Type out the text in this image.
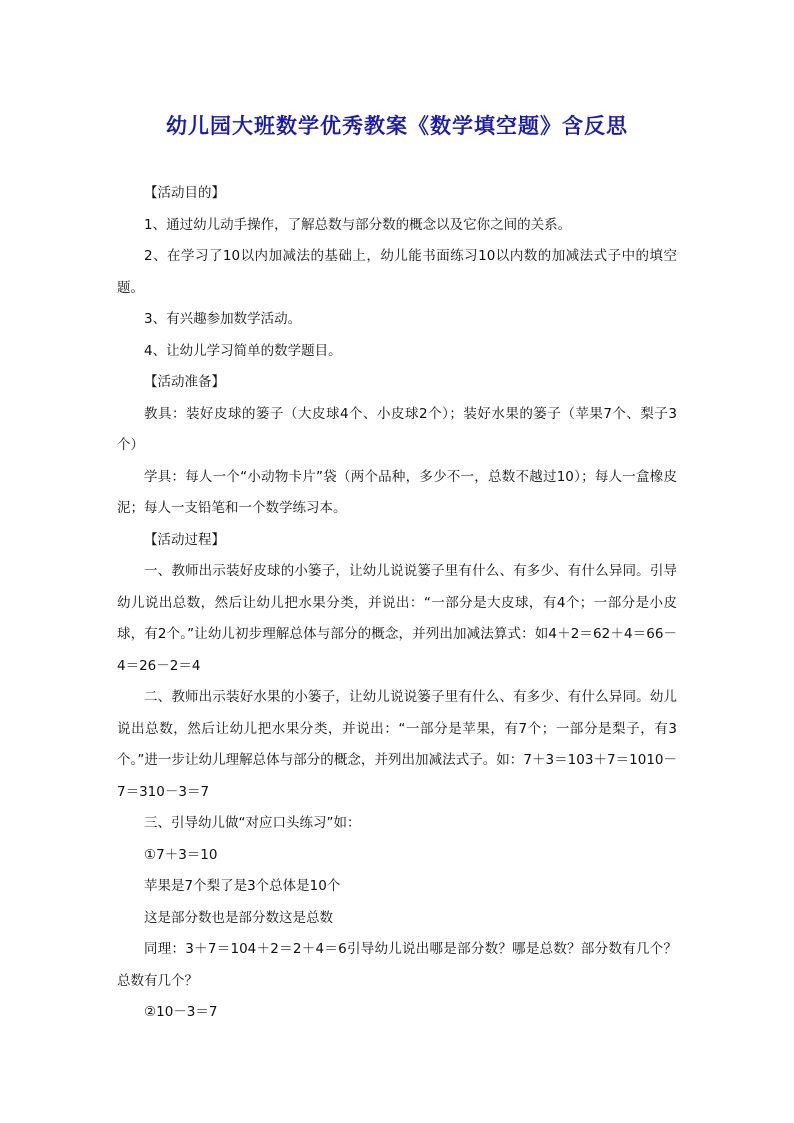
幼儿园大班数学优秀教案《数学填空题》含反思

【活动目的】

1、通过幼儿动手操作，了解总数与部分数的概念以及它你之间的关系。

2、在学习了10以内加减法的基础上，幼儿能书面练习10以内数的加减法式子中的填空题。

3、有兴趣参加数学活动。

4、让幼儿学习简单的数学题目。

【活动准备】

教具：装好皮球的篓子（大皮球4个、小皮球2个）；装好水果的篓子（苹果7个、梨子3个）

学具：每人一个“小动物卡片”袋（两个品种，多少不一，总数不越过10）；每人一盒橡皮泥；每人一支铅笔和一个数学练习本。

【活动过程】

一、教师出示装好皮球的小篓子，让幼儿说说篓子里有什么、有多少、有什么异同。引导幼儿说出总数，然后让幼儿把水果分类，并说出：“一部分是大皮球，有4个；一部分是小皮球，有2个。”让幼儿初步理解总体与部分的概念，并列出加减法算式：如4＋2＝62＋4＝66－4＝26－2＝4

二、教师出示装好水果的小篓子，让幼儿说说篓子里有什么、有多少、有什么异同。幼儿说出总数，然后让幼儿把水果分类，并说出：“一部分是苹果，有7个；一部分是梨子，有3个。”进一步让幼儿理解总体与部分的概念，并列出加减法式子。如：7＋3＝103＋7＝1010－7＝310－3＝7

三、引导幼儿做“对应口头练习”如：

①7＋3＝10

苹果是7个梨了是3个总体是10个

这是部分数也是部分数这是总数

同理：3＋7＝104＋2＝2＋4＝6引导幼儿说出哪是部分数？哪是总数？部分数有几个？总数有几个？

②10－3＝7
